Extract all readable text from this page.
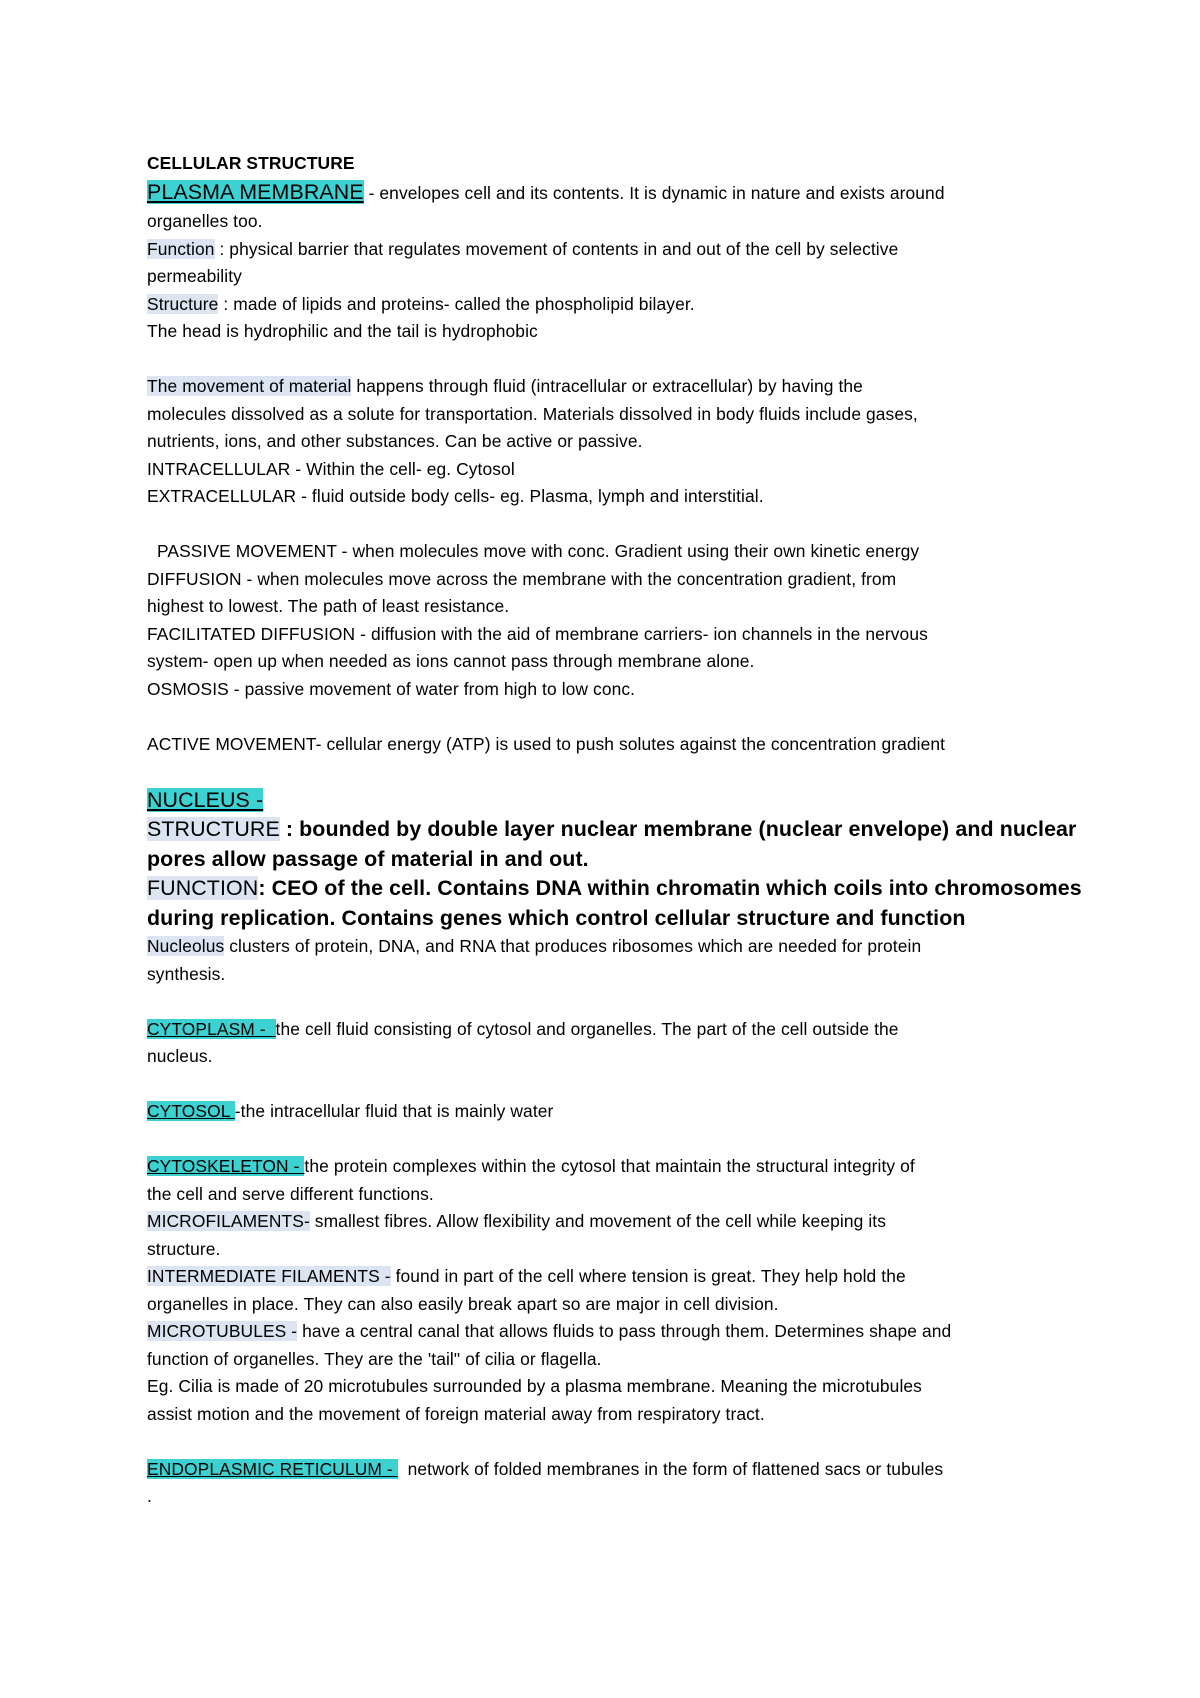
CELLULAR STRUCTURE

PLASMA MEMBRANE - envelopes cell and its contents. It is dynamic in nature and exists around

organelles too.

Function : physical barrier that regulates movement of contents in and out of the cell by selective

permeability

Structure : made of lipids and proteins- called the phospholipid bilayer.

The head is hydrophilic and the tail is hydrophobic

The movement of material happens through fluid (intracellular or extracellular) by having the

molecules dissolved as a solute for transportation. Materials dissolved in body fluids include gases,

nutrients, ions, and other substances. Can be active or passive.

INTRACELLULAR - Within the cell- eg. Cytosol

EXTRACELLULAR - fluid outside body cells- eg. Plasma, lymph and interstitial.

PASSIVE MOVEMENT - when molecules move with conc. Gradient using their own kinetic energy

DIFFUSION - when molecules move across the membrane with the concentration gradient, from

highest to lowest. The path of least resistance.

FACILITATED DIFFUSION - diffusion with the aid of membrane carriers- ion channels in the nervous

system- open up when needed as ions cannot pass through membrane alone.

OSMOSIS - passive movement of water from high to low conc.

ACTIVE MOVEMENT- cellular energy (ATP) is used to push solutes against the concentration gradient

NUCLEUS -

STRUCTURE : bounded by double layer nuclear membrane (nuclear envelope) and nuclear

pores allow passage of material in and out.

FUNCTION: CEO of the cell. Contains DNA within chromatin which coils into chromosomes

during replication. Contains genes which control cellular structure and function

Nucleolus clusters of protein, DNA, and RNA that produces ribosomes which are needed for protein

synthesis.

CYTOPLASM -  the cell fluid consisting of cytosol and organelles. The part of the cell outside the

nucleus.

CYTOSOL -the intracellular fluid that is mainly water

CYTOSKELETON - the protein complexes within the cytosol that maintain the structural integrity of

the cell and serve different functions.

MICROFILAMENTS- smallest fibres. Allow flexibility and movement of the cell while keeping its

structure.

INTERMEDIATE FILAMENTS - found in part of the cell where tension is great. They help hold the

organelles in place. They can also easily break apart so are major in cell division.

MICROTUBULES - have a central canal that allows fluids to pass through them. Determines shape and

function of organelles. They are the 'tail" of cilia or flagella.

Eg. Cilia is made of 20 microtubules surrounded by a plasma membrane. Meaning the microtubules

assist motion and the movement of foreign material away from respiratory tract.

ENDOPLASMIC RETICULUM -   network of folded membranes in the form of flattened sacs or tubules

.
